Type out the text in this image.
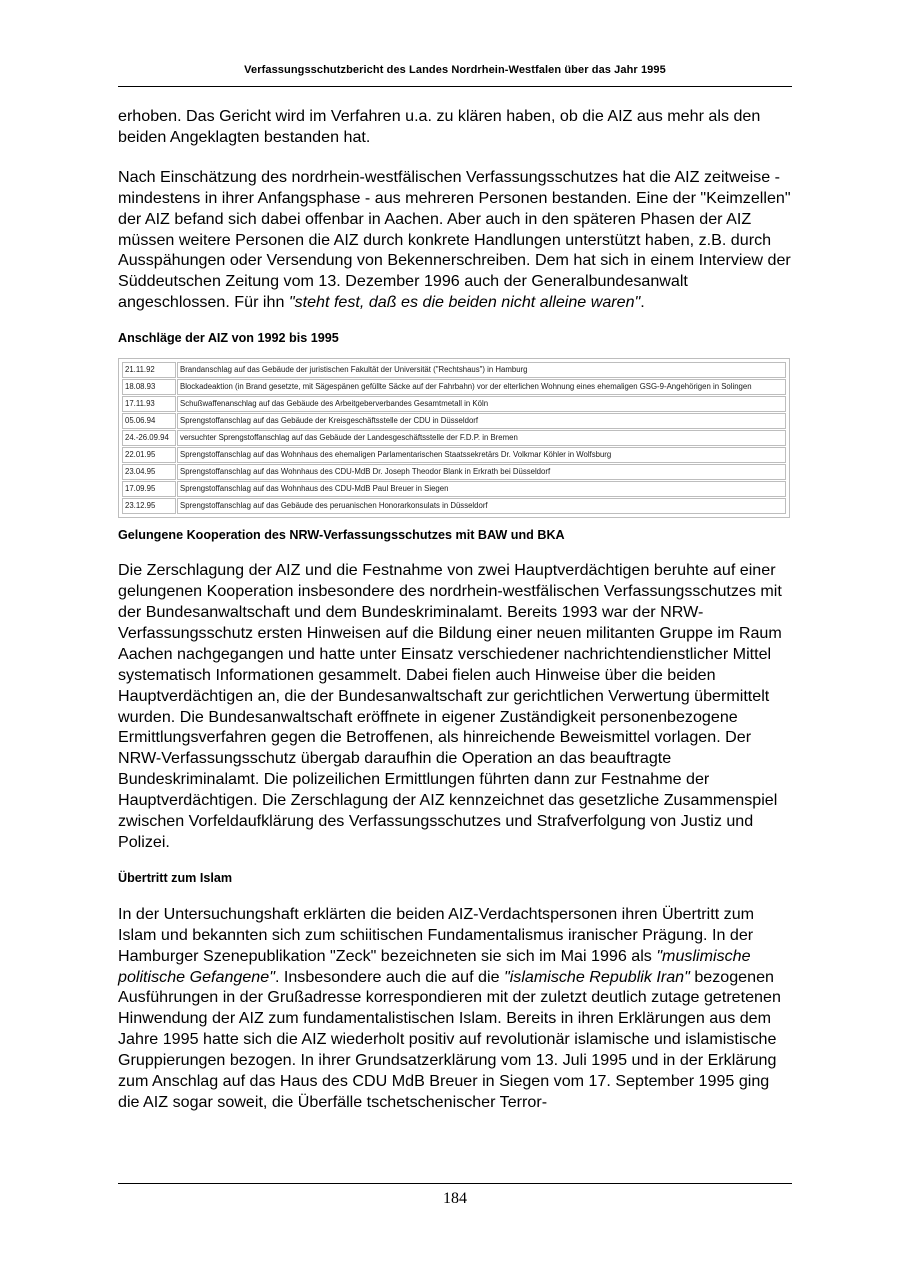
Verfassungsschutzbericht des Landes Nordrhein-Westfalen über das Jahr 1995

erhoben. Das Gericht wird im Verfahren u.a. zu klären haben, ob die AIZ aus mehr als den beiden Angeklagten bestanden hat.

Nach Einschätzung des nordrhein-westfälischen Verfassungsschutzes hat die AIZ zeitweise - mindestens in ihrer Anfangsphase - aus mehreren Personen bestanden. Eine der "Keimzellen" der AIZ befand sich dabei offenbar in Aachen. Aber auch in den späteren Phasen der AIZ müssen weitere Personen die AIZ durch konkrete Handlungen unterstützt haben, z.B. durch Ausspähungen oder Versendung von Bekennerschreiben. Dem hat sich in einem Interview der Süddeutschen Zeitung vom 13. Dezember 1996 auch der Generalbundesanwalt angeschlossen. Für ihn "steht fest, daß es die beiden nicht alleine waren".

Anschläge der AIZ von 1992 bis 1995

21.11.92	Brandanschlag auf das Gebäude der juristischen Fakultät der Universität ("Rechtshaus") in Hamburg
18.08.93	Blockadeaktion (in Brand gesetzte, mit Sägespänen gefüllte Säcke auf der Fahrbahn) vor der elterlichen Wohnung eines ehemaligen GSG-9-Angehörigen in Solingen
17.11.93	Schußwaffenanschlag auf das Gebäude des Arbeitgeberverbandes Gesamtmetall in Köln
05.06.94	Sprengstoffanschlag auf das Gebäude der Kreisgeschäftsstelle der CDU in Düsseldorf
24.-26.09.94	versuchter Sprengstoffanschlag auf das Gebäude der Landesgeschäftsstelle der F.D.P. in Bremen
22.01.95	Sprengstoffanschlag auf das Wohnhaus des ehemaligen Parlamentarischen Staatssekretärs Dr. Volkmar Köhler in Wolfsburg
23.04.95	Sprengstoffanschlag auf das Wohnhaus des CDU-MdB Dr. Joseph Theodor Blank in Erkrath bei Düsseldorf
17.09.95	Sprengstoffanschlag auf das Wohnhaus des CDU-MdB Paul Breuer in Siegen
23.12.95	Sprengstoffanschlag auf das Gebäude des peruanischen Honorarkonsulats in Düsseldorf

Gelungene Kooperation des NRW-Verfassungsschutzes mit BAW und BKA

Die Zerschlagung der AIZ und die Festnahme von zwei Hauptverdächtigen beruhte auf einer gelungenen Kooperation insbesondere des nordrhein-westfälischen Verfassungsschutzes mit der Bundesanwaltschaft und dem Bundeskriminalamt. Bereits 1993 war der NRW-Verfassungsschutz ersten Hinweisen auf die Bildung einer neuen militanten Gruppe im Raum Aachen nachgegangen und hatte unter Einsatz verschiedener nachrichtendienstlicher Mittel systematisch Informationen gesammelt. Dabei fielen auch Hinweise über die beiden Hauptverdächtigen an, die der Bundesanwaltschaft zur gerichtlichen Verwertung übermittelt wurden. Die Bundesanwaltschaft eröffnete in eigener Zuständigkeit personenbezogene Ermittlungsverfahren gegen die Betroffenen, als hinreichende Beweismittel vorlagen. Der NRW-Verfassungsschutz übergab daraufhin die Operation an das beauftragte Bundeskriminalamt. Die polizeilichen Ermittlungen führten dann zur Festnahme der Hauptverdächtigen. Die Zerschlagung der AIZ kennzeichnet das gesetzliche Zusammenspiel zwischen Vorfeldaufklärung des Verfassungsschutzes und Strafverfolgung von Justiz und Polizei.

Übertritt zum Islam

In der Untersuchungshaft erklärten die beiden AIZ-Verdachtspersonen ihren Übertritt zum Islam und bekannten sich zum schiitischen Fundamentalismus iranischer Prägung. In der Hamburger Szenepublikation "Zeck" bezeichneten sie sich im Mai 1996 als "muslimische politische Gefangene". Insbesondere auch die auf die "islamische Republik Iran" bezogenen Ausführungen in der Grußadresse korrespondieren mit der zuletzt deutlich zutage getretenen Hinwendung der AIZ zum fundamentalistischen Islam. Bereits in ihren Erklärungen aus dem Jahre 1995 hatte sich die AIZ wiederholt positiv auf revolutionär islamische und islamistische Gruppierungen bezogen. In ihrer Grundsatzerklärung vom 13. Juli 1995 und in der Erklärung zum Anschlag auf das Haus des CDU MdB Breuer in Siegen vom 17. September 1995 ging die AIZ sogar soweit, die Überfälle tschetschenischer Terror-

184
